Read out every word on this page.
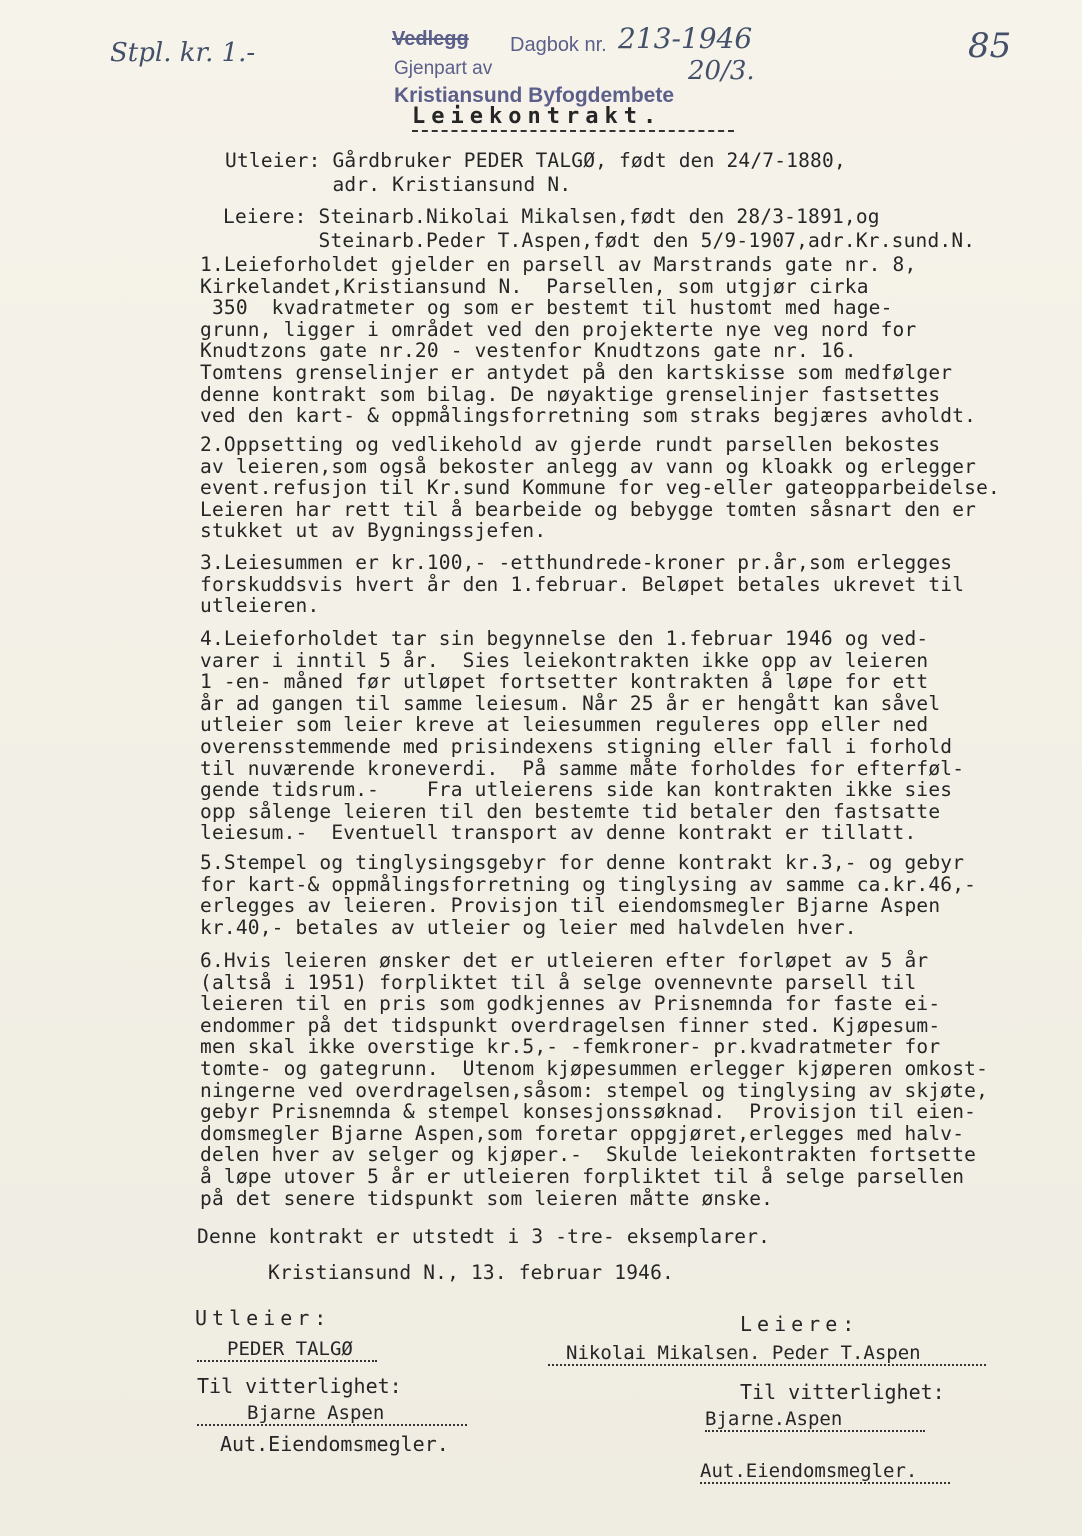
Stpl. kr. 1.-	Vedlegg Dagbok nr. 213-1946
Gjenpart av	20/3.
Kristiansund Byfogdembete
85
Leiekontrakt.
Utleier: Gårdbruker PEDER TALGØ, født den 24/7-1880,
adr. Kristiansund N.
Leiere: Steinarb.Nikolai Mikalsen,født den 28/3-1891,og
Steinarb.Peder T.Aspen,født den 5/9-1907,adr.Kr.sund.N.
1.Leieforholdet gjelder en parsell av Marstrands gate nr. 8,
Kirkelandet,Kristiansund N.  Parsellen, som utgjør cirka
350  kvadratmeter og som er bestemt til hustomt med hage-
grunn, ligger i området ved den projekterte nye veg nord for
Knudtzons gate nr.20 - vestenfor Knudtzons gate nr. 16.
Tomtens grenselinjer er antydet på den kartskisse som medfølger
denne kontrakt som bilag. De nøyaktige grenselinjer fastsettes
ved den kart- & oppmålingsforretning som straks begjæres avholdt.
2.Oppsetting og vedlikehold av gjerde rundt parsellen bekostes
av leieren,som også bekoster anlegg av vann og kloakk og erlegger
event.refusjon til Kr.sund Kommune for veg-eller gateopparbeidelse.
Leieren har rett til å bearbeide og bebygge tomten såsnart den er
stukket ut av Bygningssjefen.
3.Leiesummen er kr.100,- -etthundrede-kroner pr.år,som erlegges
forskuddsvis hvert år den 1.februar. Beløpet betales ukrevet til
utleieren.
4.Leieforholdet tar sin begynnelse den 1.februar 1946 og ved-
varer i inntil 5 år.  Sies leiekontrakten ikke opp av leieren
1 -en- måned før utløpet fortsetter kontrakten å løpe for ett
år ad gangen til samme leiesum. Når 25 år er hengått kan såvel
utleier som leier kreve at leiesummen reguleres opp eller ned
overensstemmende med prisindexens stigning eller fall i forhold
til nuværende kroneverdi.  På samme måte forholdes for efterføl-
gende tidsrum.-    Fra utleierens side kan kontrakten ikke sies
opp sålenge leieren til den bestemte tid betaler den fastsatte
leiesum.-  Eventuell transport av denne kontrakt er tillatt.
5.Stempel og tinglysingsgebyr for denne kontrakt kr.3,- og gebyr
for kart-& oppmålingsforretning og tinglysing av samme ca.kr.46,-
erlegges av leieren. Provisjon til eiendomsmegler Bjarne Aspen
kr.40,- betales av utleier og leier med halvdelen hver.
6.Hvis leieren ønsker det er utleieren efter forløpet av 5 år
(altså i 1951) forpliktet til å selge ovennevnte parsell til
leieren til en pris som godkjennes av Prisnemnda for faste ei-
endommer på det tidspunkt overdragelsen finner sted. Kjøpesum-
men skal ikke overstige kr.5,- -femkroner- pr.kvadratmeter for
tomte- og gategrunn.  Utenom kjøpesummen erlegger kjøperen omkost-
ningerne ved overdragelsen,såsom: stempel og tinglysing av skjøte,
gebyr Prisnemnda & stempel konsesjonssøknad.  Provisjon til eien-
domsmegler Bjarne Aspen,som foretar oppgjøret,erlegges med halv-
delen hver av selger og kjøper.-  Skulde leiekontrakten fortsette
å løpe utover 5 år er utleieren forpliktet til å selge parsellen
på det senere tidspunkt som leieren måtte ønske.
Denne kontrakt er utstedt i 3 -tre- eksemplarer.
Kristiansund N., 13. februar 1946.
Utleier:
PEDER TALGØ
Leiere:
Nikolai Mikalsen. Peder T.Aspen
Til vitterlighet:
Bjarne Aspen
Aut.Eiendomsmegler.
Til vitterlighet:
Bjarne.Aspen
Aut.Eiendomsmegler.
